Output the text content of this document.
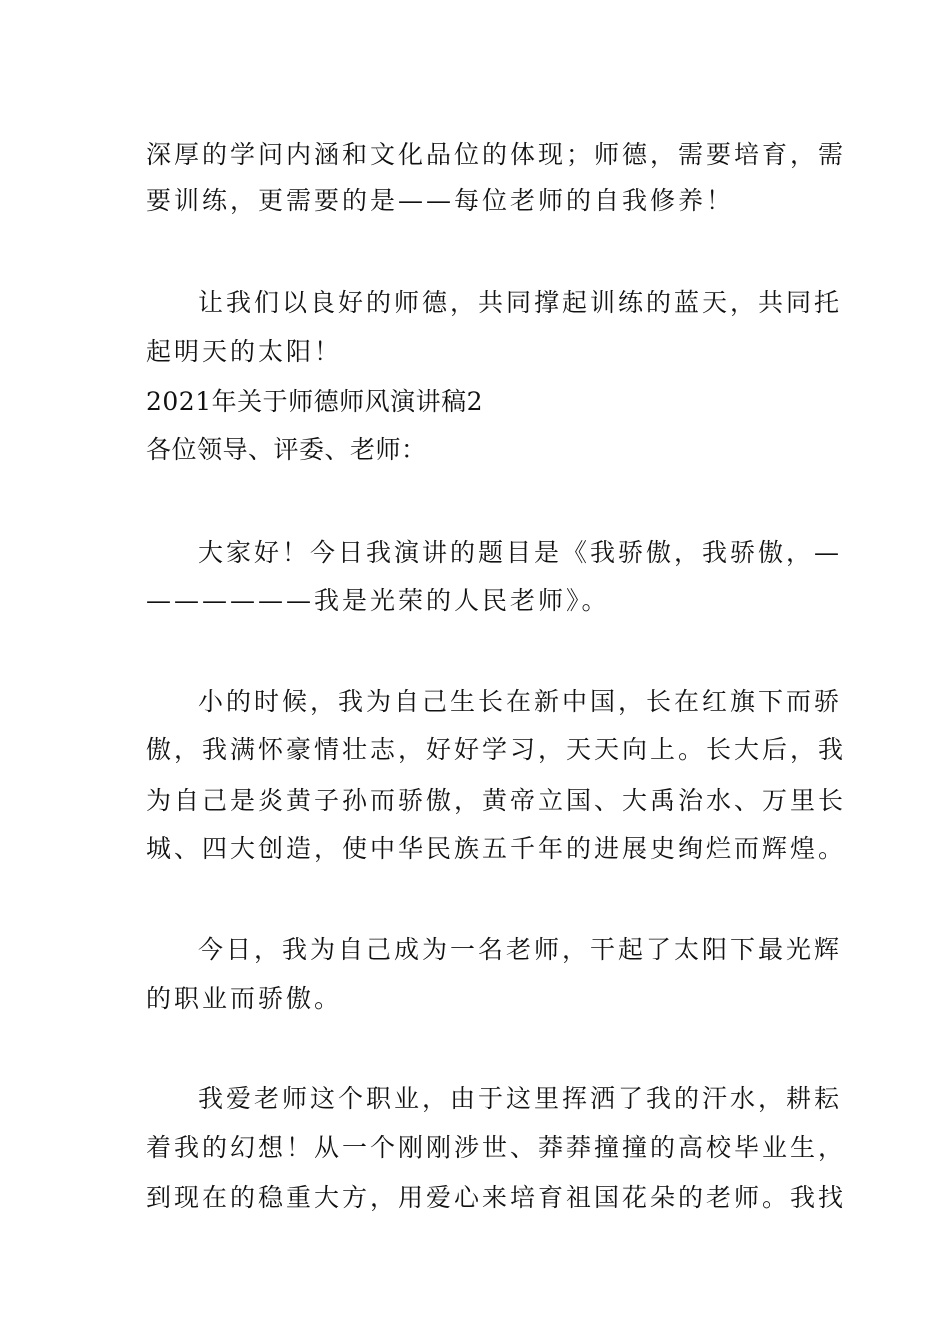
深厚的学问内涵和文化品位的体现；师德，需要培育，需
要训练，更需要的是——每位老师的自我修养！
让我们以良好的师德，共同撑起训练的蓝天，共同托
起明天的太阳！
2021年关于师德师风演讲稿2
各位领导、评委、老师：
大家好！今日我演讲的题目是《我骄傲，我骄傲，—
——————我是光荣的人民老师》。
小的时候，我为自己生长在新中国，长在红旗下而骄
傲，我满怀豪情壮志，好好学习，天天向上。长大后，我
为自己是炎黄子孙而骄傲，黄帝立国、大禹治水、万里长
城、四大创造，使中华民族五千年的进展史绚烂而辉煌。
今日，我为自己成为一名老师，干起了太阳下最光辉
的职业而骄傲。
我爱老师这个职业，由于这里挥洒了我的汗水，耕耘
着我的幻想！从一个刚刚涉世、莽莽撞撞的高校毕业生，
到现在的稳重大方，用爱心来培育祖国花朵的老师。我找
